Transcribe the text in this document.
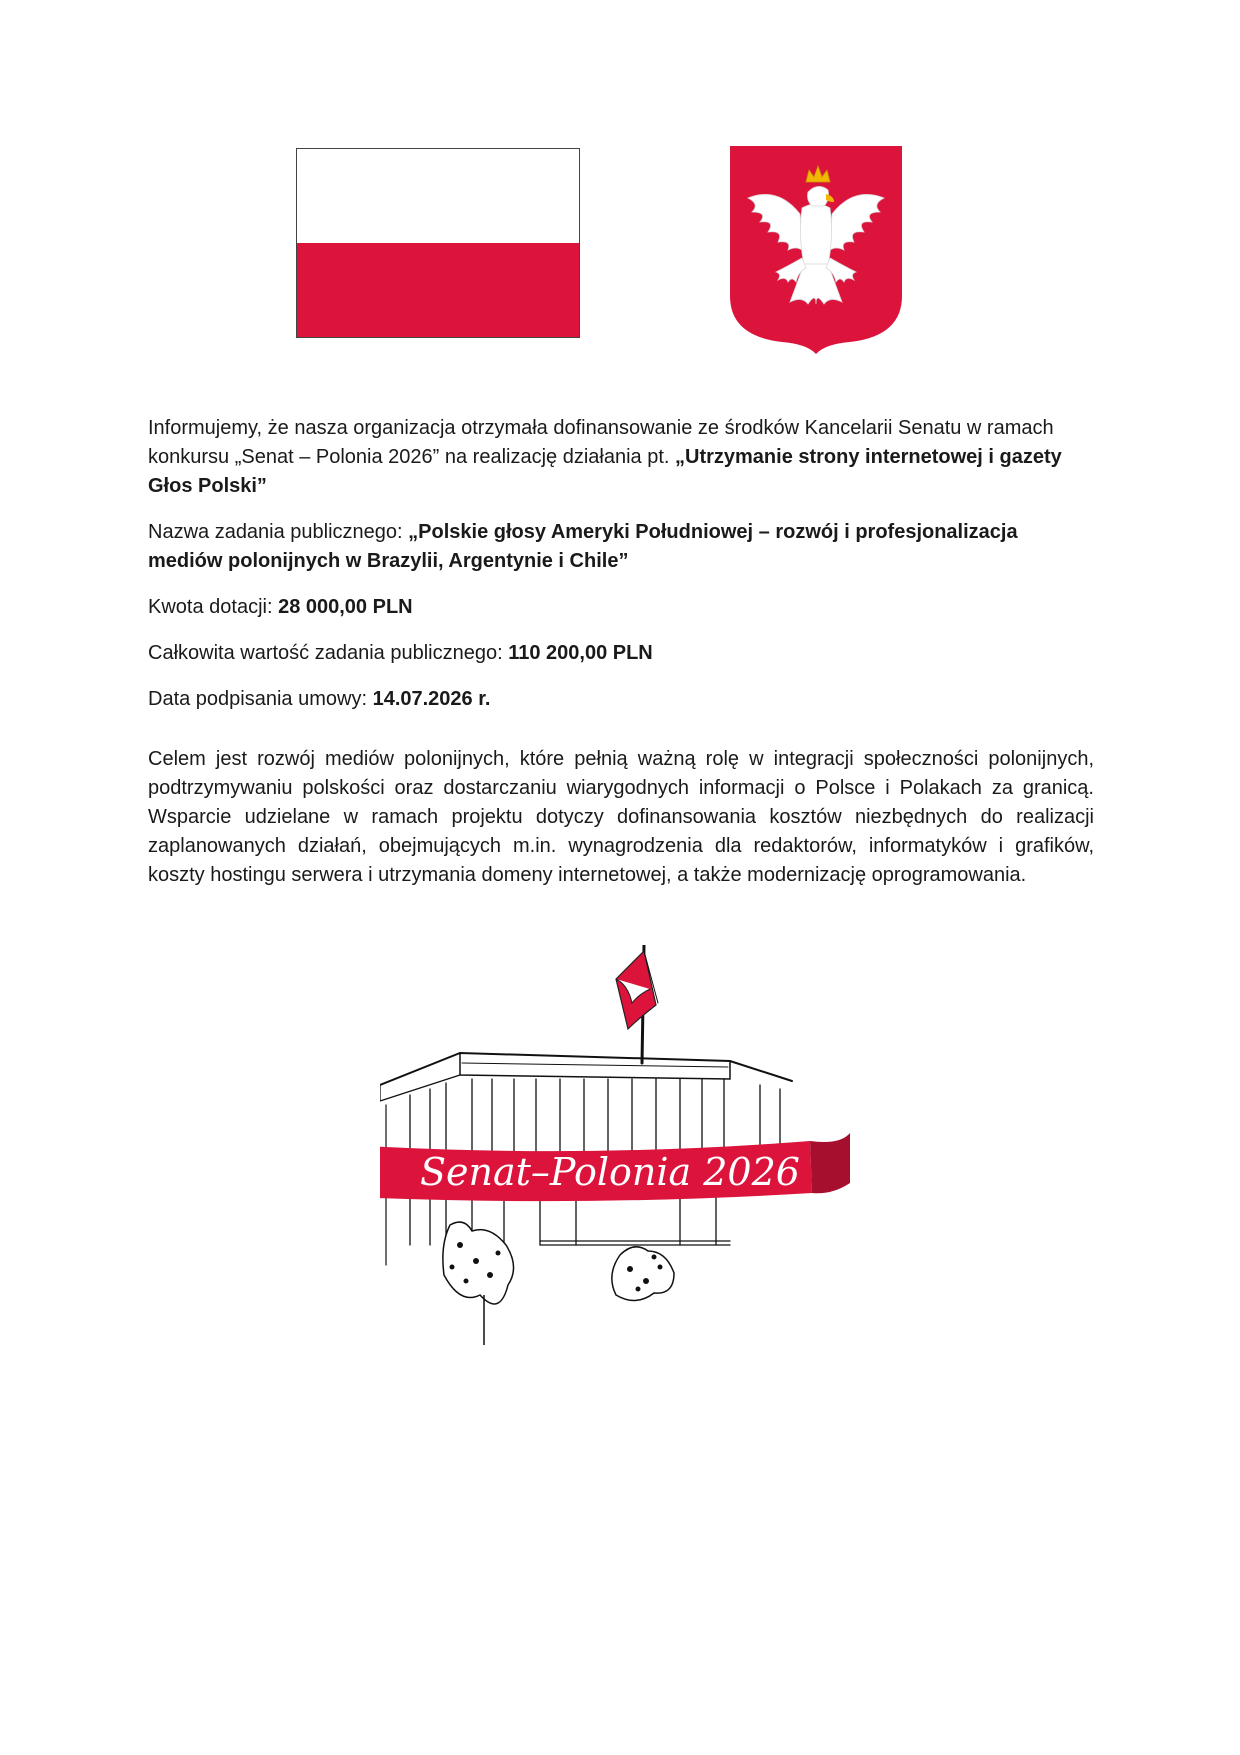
Informujemy, że nasza organizacja otrzymała dofinansowanie ze środków Kancelarii Senatu w ramach konkursu „Senat – Polonia 2026” na realizację działania pt. „Utrzymanie strony internetowej i gazety Głos Polski”

Nazwa zadania publicznego: „Polskie głosy Ameryki Południowej – rozwój i profesjonalizacja mediów polonijnych w Brazylii, Argentynie i Chile”

Kwota dotacji: 28 000,00 PLN

Całkowita wartość zadania publicznego: 110 200,00 PLN

Data podpisania umowy: 14.07.2026 r.

Celem jest rozwój mediów polonijnych, które pełnią ważną rolę w integracji społeczności polonijnych, podtrzymywaniu polskości oraz dostarczaniu wiarygodnych informacji o Polsce i Polakach za granicą. Wsparcie udzielane w ramach projektu dotyczy dofinansowania kosztów niezbędnych do realizacji zaplanowanych działań, obejmujących m.in. wynagrodzenia dla redaktorów, informatyków i grafików, koszty hostingu serwera i utrzymania domeny internetowej, a także modernizację oprogramowania.

Senat–Polonia 2026
